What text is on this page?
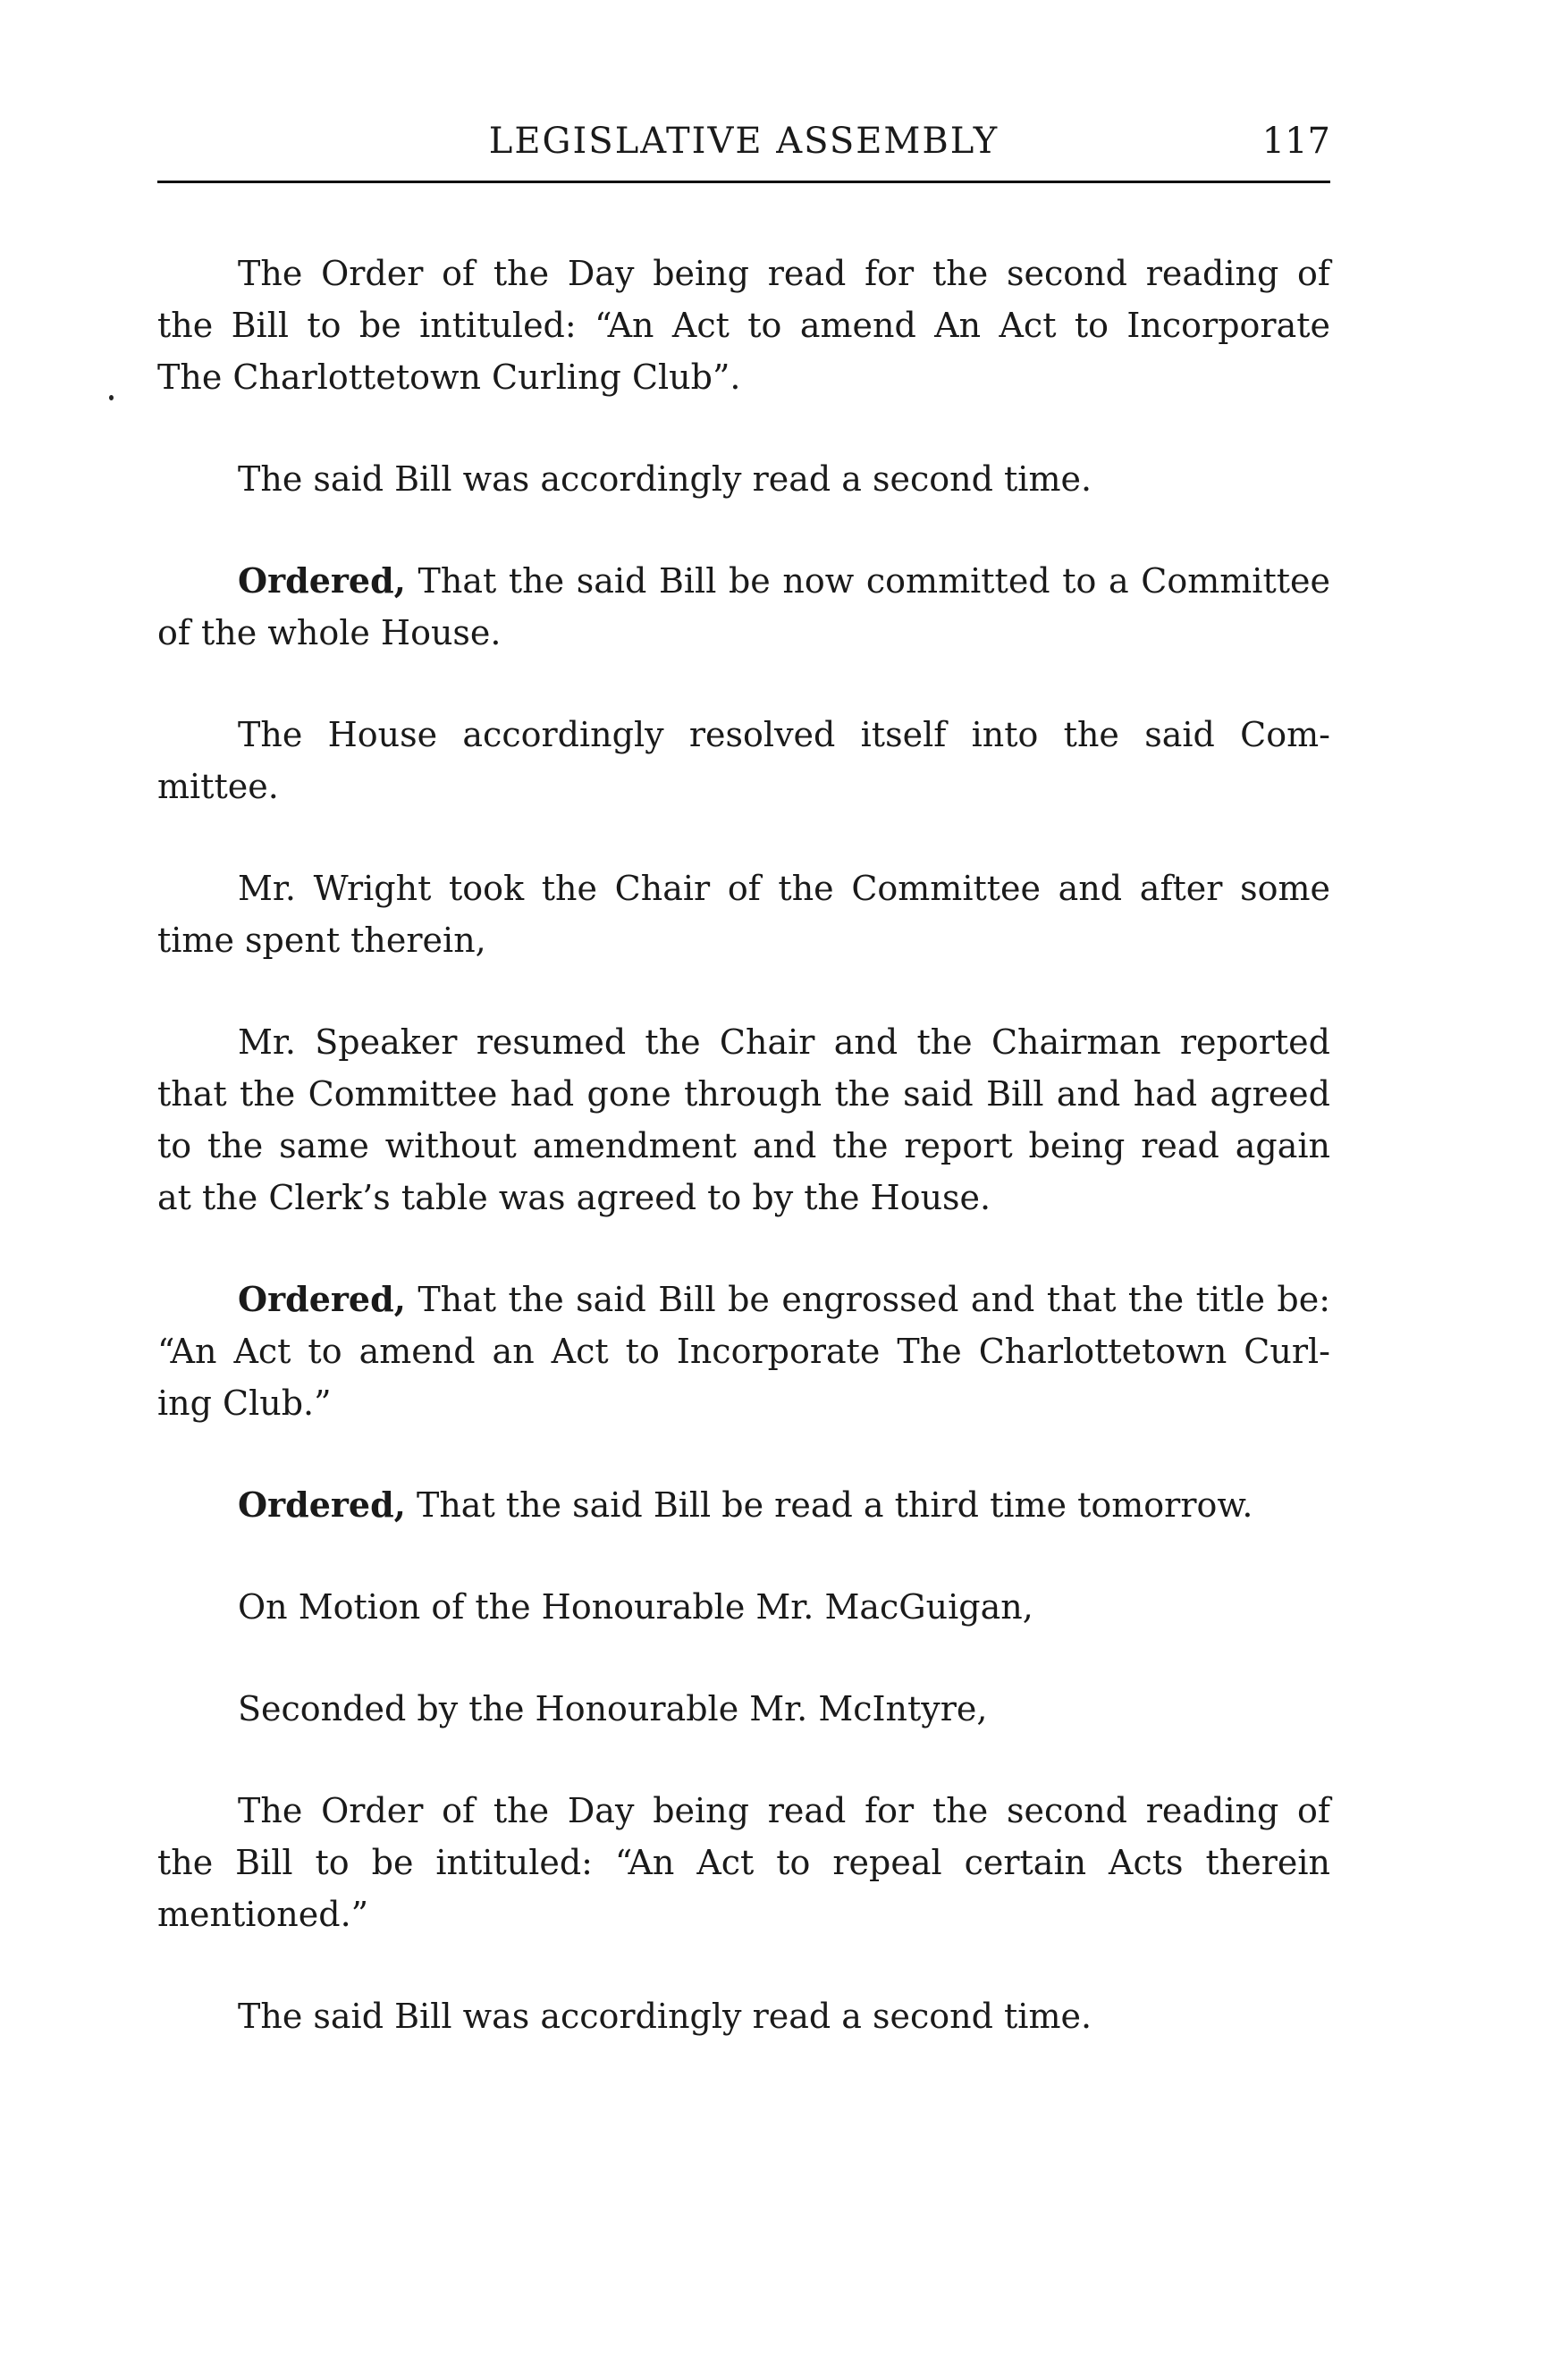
LEGISLATIVE ASSEMBLY	117
The Order of the Day being read for the second reading of
the Bill to be intituled: “An Act to amend An Act to Incorporate
The Charlottetown Curling Club”.
The said Bill was accordingly read a second time.
Ordered, That the said Bill be now committed to a Committee
of the whole House.
The House accordingly resolved itself into the said Com-
mittee.
Mr. Wright took the Chair of the Committee and after some
time spent therein,
Mr. Speaker resumed the Chair and the Chairman reported
that the Committee had gone through the said Bill and had agreed
to the same without amendment and the report being read again
at the Clerk’s table was agreed to by the House.
Ordered, That the said Bill be engrossed and that the title be:
“An Act to amend an Act to Incorporate The Charlottetown Curl-
ing Club.”
Ordered, That the said Bill be read a third time tomorrow.
On Motion of the Honourable Mr. MacGuigan,
Seconded by the Honourable Mr. McIntyre,
The Order of the Day being read for the second reading of
the Bill to be intituled: “An Act to repeal certain Acts therein
mentioned.”
The said Bill was accordingly read a second time.
